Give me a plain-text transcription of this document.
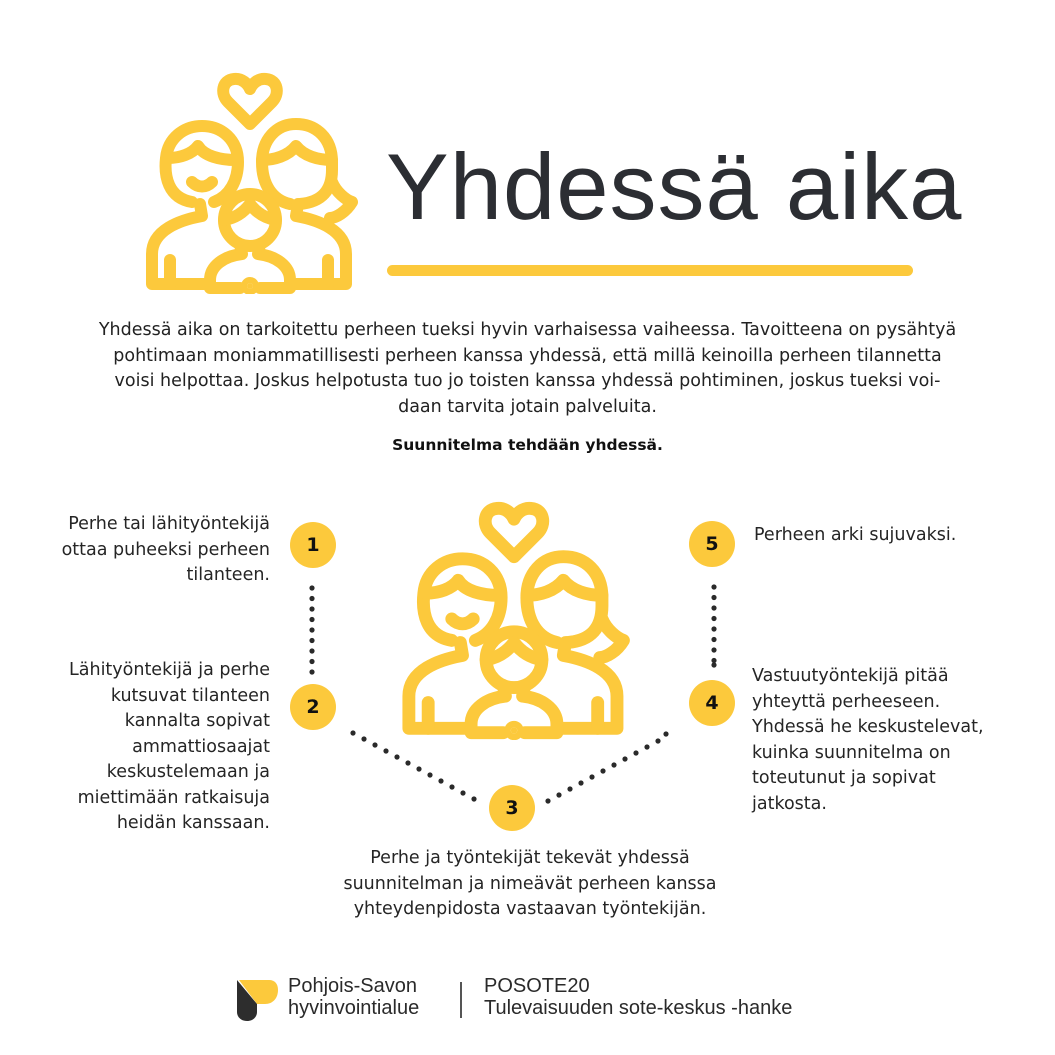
Yhdessä aika
Yhdessä aika on tarkoitettu perheen tueksi hyvin varhaisessa vaiheessa. Tavoitteena on pysähtyä
pohtimaan moniammatillisesti perheen kanssa yhdessä, että millä keinoilla perheen tilannetta
voisi helpottaa. Joskus helpotusta tuo jo toisten kanssa yhdessä pohtiminen, joskus tueksi voi-
daan tarvita jotain palveluita.
Suunnitelma tehdään yhdessä.
Perhe tai lähityöntekijä
ottaa puheeksi perheen
tilanteen.
1
Lähityöntekijä ja perhe
kutsuvat tilanteen
kannalta sopivat
ammattiosaajat
keskustelemaan ja
miettimään ratkaisuja
heidän kanssaan.
2
3
Perhe ja työntekijät tekevät yhdessä
suunnitelman ja nimeävät perheen kanssa
yhteydenpidosta vastaavan työntekijän.
4
Vastuutyöntekijä pitää
yhteyttä perheeseen.
Yhdessä he keskustelevat,
kuinka suunnitelma on
toteutunut ja sopivat
jatkosta.
5	Perheen arki sujuvaksi.
Pohjois-Savon
hyvinvointialue
POSOTE20
Tulevaisuuden sote-keskus -hanke
